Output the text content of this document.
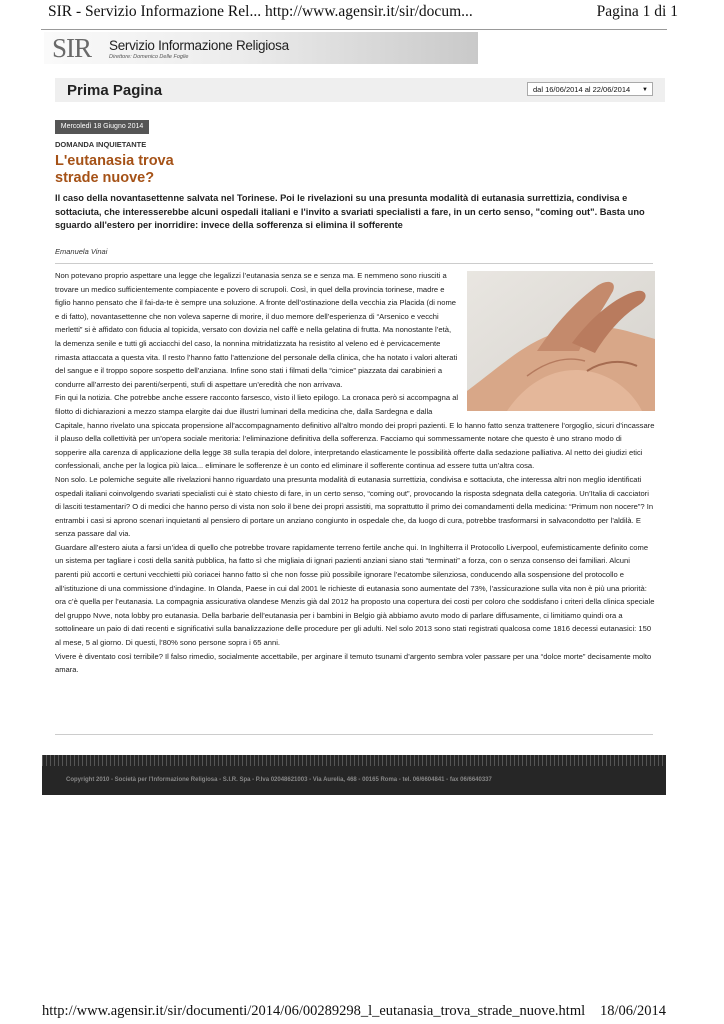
SIR - Servizio Informazione Rel... http://www.agensir.it/sir/docum...	Pagina 1 di 1
SIR Servizio Informazione Religiosa
Direttore: Domenico Delle Foglie
Prima Pagina	dal 16/06/2014 al 22/06/2014 ▼
Mercoledì 18 Giugno 2014
DOMANDA INQUIETANTE
L'eutanasia trova
strade nuove?
Il caso della novantasettenne salvata nel Torinese. Poi le rivelazioni su una presunta modalità di eutanasia surrettizia, condivisa e sottaciuta, che interesserebbe alcuni ospedali italiani e l'invito a svariati specialisti a fare, in un certo senso, "coming out". Basta uno sguardo all'estero per inorridire: invece della sofferenza si elimina il sofferente
Emanuela Vinai

Non potevano proprio aspettare una legge che legalizzi l’eutanasia senza se e senza ma. E nemmeno sono riusciti a trovare un medico sufficientemente compiacente e povero di scrupoli. Così, in quel della provincia torinese, madre e figlio hanno pensato che il fai-da-te è sempre una soluzione. A fronte dell’ostinazione della vecchia zia Placida (di nome e di fatto), novantasettenne che non voleva saperne di morire, il duo memore dell’esperienza di “Arsenico e vecchi merletti” si è affidato con fiducia al topicida, versato con dovizia nel caffè e nella gelatina di frutta. Ma nonostante l’età, la demenza senile e tutti gli acciacchi del caso, la nonnina mitridatizzata ha resistito al veleno ed è pervicacemente rimasta attaccata a questa vita. Il resto l’hanno fatto l’attenzione del personale della clinica, che ha notato i valori alterati del sangue e il troppo sopore sospetto dell’anziana. Infine sono stati i filmati della “cimice” piazzata dai carabinieri a condurre all’arresto dei parenti/serpenti, stufi di aspettare un’eredità che non arrivava.

Fin qui la notizia. Che potrebbe anche essere racconto farsesco, visto il lieto epilogo. La cronaca però si accompagna al filotto di dichiarazioni a mezzo stampa elargite dai due illustri luminari della medicina che, dalla Sardegna e dalla Capitale, hanno rivelato una spiccata propensione all’accompagnamento definitivo all’altro mondo dei propri pazienti. E lo hanno fatto senza trattenere l’orgoglio, sicuri d’incassare il plauso della collettività per un’opera sociale meritoria: l’eliminazione definitiva della sofferenza. Facciamo qui sommessamente notare che questo è uno strano modo di sopperire alla carenza di applicazione della legge 38 sulla terapia del dolore, interpretando elasticamente le possibilità offerte dalla sedazione palliativa. Al netto dei giudizi etici confessionali, anche per la logica più laica... eliminare le sofferenze è un conto ed eliminare il sofferente continua ad essere tutta un’altra cosa.

Non solo. Le polemiche seguite alle rivelazioni hanno riguardato una presunta modalità di eutanasia surrettizia, condivisa e sottaciuta, che interessa altri non meglio identificati ospedali italiani coinvolgendo svariati specialisti cui è stato chiesto di fare, in un certo senso, “coming out”, provocando la risposta sdegnata della categoria. Un’Italia di cacciatori di lasciti testamentari? O di medici che hanno perso di vista non solo il bene dei propri assistiti, ma soprattutto il primo dei comandamenti della medicina: “Primum non nocere”? In entrambi i casi si aprono scenari inquietanti al pensiero di portare un anziano congiunto in ospedale che, da luogo di cura, potrebbe trasformarsi in salvacondotto per l’aldilà. E senza passare dal via.

Guardare all’estero aiuta a farsi un’idea di quello che potrebbe trovare rapidamente terreno fertile anche qui. In Inghilterra il Protocollo Liverpool, eufemisticamente definito come un sistema per tagliare i costi della sanità pubblica, ha fatto sì che migliaia di ignari pazienti anziani siano stati “terminati” a forza, con o senza consenso dei familiari. Alcuni parenti più accorti e certuni vecchietti più coriacei hanno fatto sì che non fosse più possibile ignorare l’ecatombe silenziosa, conducendo alla sospensione del protocollo e all’istituzione di una commissione d’indagine. In Olanda, Paese in cui dal 2001 le richieste di eutanasia sono aumentate del 73%, l’assicurazione sulla vita non è più una priorità: ora c’è quella per l’eutanasia. La compagnia assicurativa olandese Menzis già dal 2012 ha proposto una copertura dei costi per coloro che soddisfano i criteri della clinica speciale del gruppo Nvve, nota lobby pro eutanasia. Della barbarie dell’eutanasia per i bambini in Belgio già abbiamo avuto modo di parlare diffusamente, ci limitiamo quindi ora a sottolineare un paio di dati recenti e significativi sulla banalizzazione delle procedure per gli adulti. Nel solo 2013 sono stati registrati qualcosa come 1816 decessi eutanasici: 150 al mese, 5 al giorno. Di questi, l’80% sono persone sopra i 65 anni.

Vivere è diventato così terribile? Il falso rimedio, socialmente accettabile, per arginare il temuto tsunami d’argento sembra voler passare per una “dolce morte” decisamente molto amara.

Copyright 2010 - Società per l'Informazione Religiosa - S.I.R. Spa - P.Iva 02048621003 - Via Aurelia, 468 - 00165 Roma - tel. 06/6604841 - fax 06/6640337
http://www.agensir.it/sir/documenti/2014/06/00289298_l_eutanasia_trova_strade_nuove.html 18/06/2014
